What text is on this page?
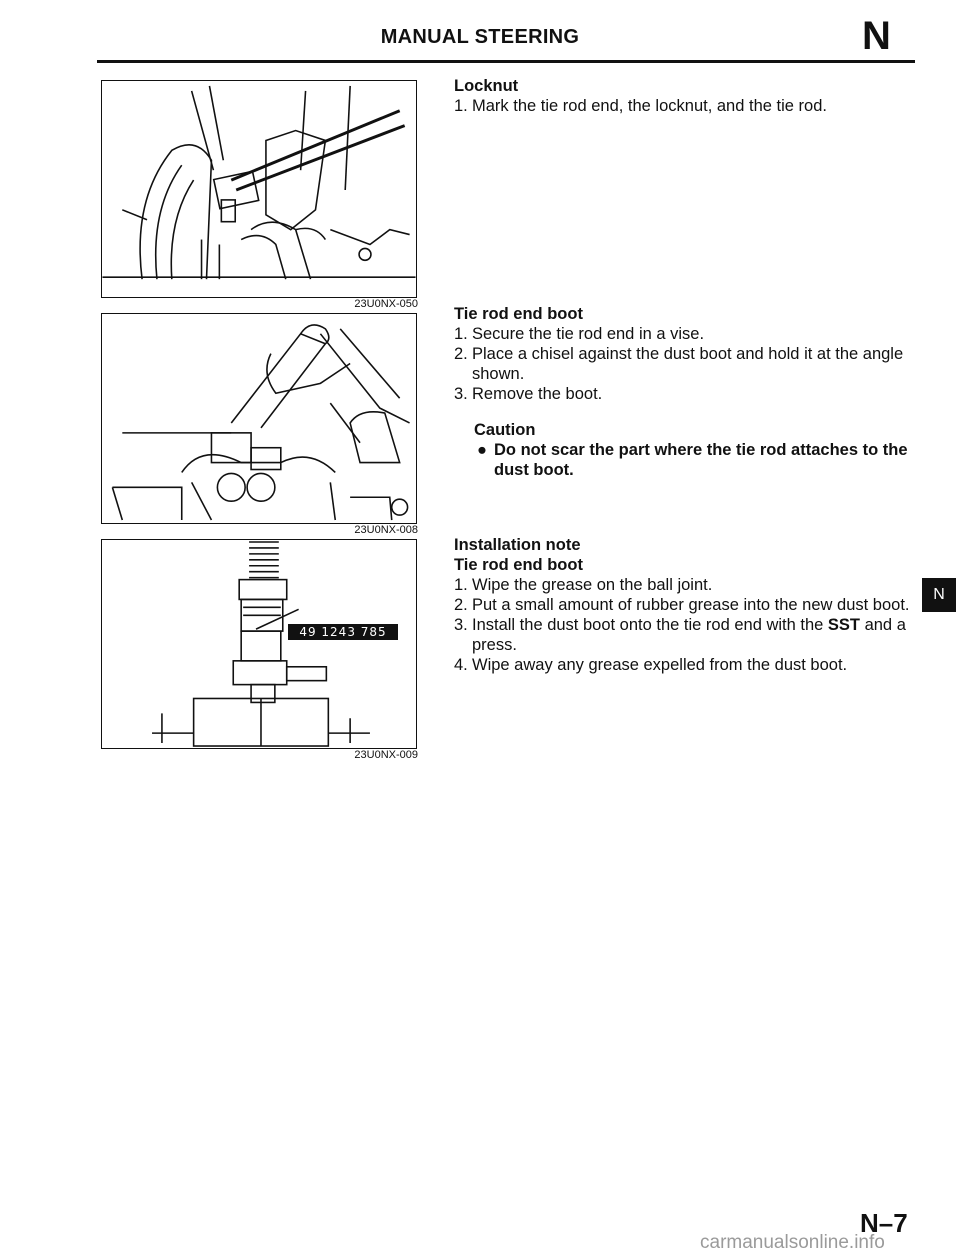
MANUAL STEERING	N
23U0NX-050
23U0NX-008
49 1243 785
23U0NX-009
Locknut
1. Mark the tie rod end, the locknut, and the tie rod.
Tie rod end boot
1. Secure the tie rod end in a vise.
2. Place a chisel against the dust boot and hold it at the angle shown.
3. Remove the boot.
Caution
● Do not scar the part where the tie rod attaches to the dust boot.
Installation note
Tie rod end boot
1. Wipe the grease on the ball joint.
2. Put a small amount of rubber grease into the new dust boot.
3. Install the dust boot onto the tie rod end with the SST and a press.
4. Wipe away any grease expelled from the dust boot.
N
N–7
carmanualsonline.info
